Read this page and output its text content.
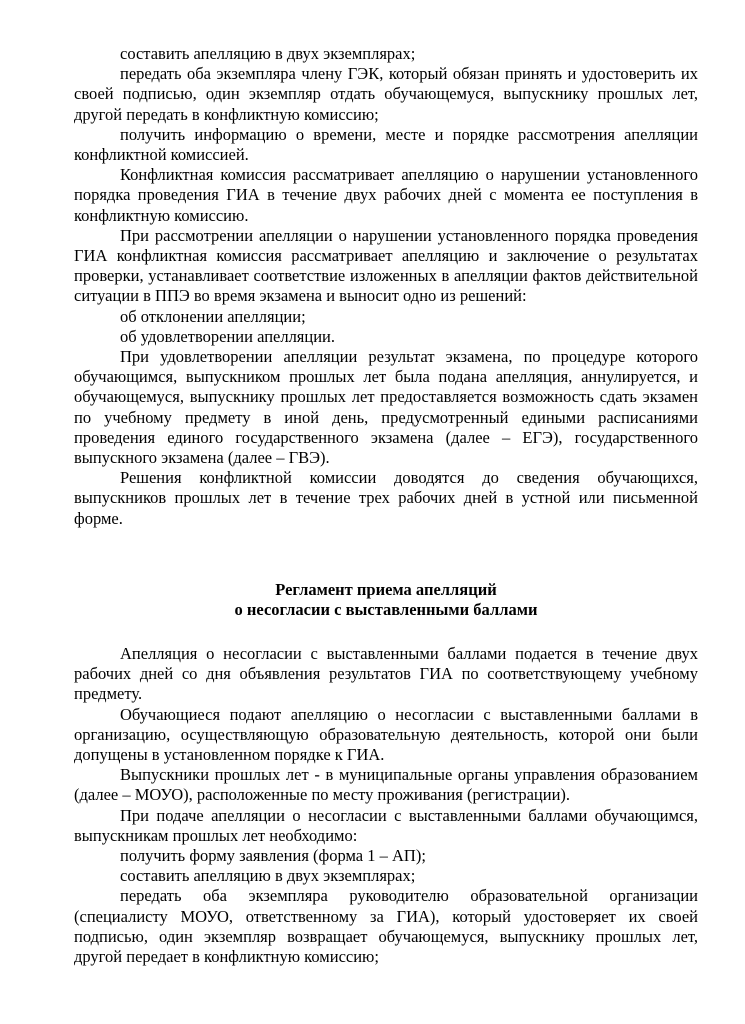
составить апелляцию в двух экземплярах;

передать оба экземпляра члену ГЭК, который обязан принять и удостоверить их своей подписью, один экземпляр отдать обучающемуся, выпускнику прошлых лет, другой передать в конфликтную комиссию;

получить информацию о времени, месте и порядке рассмотрения апелляции конфликтной комиссией.

Конфликтная комиссия рассматривает апелляцию о нарушении установленного порядка проведения ГИА в течение двух рабочих дней с момента ее поступления в конфликтную комиссию.

При рассмотрении апелляции о нарушении установленного порядка проведения ГИА конфликтная комиссия рассматривает апелляцию и заключение о результатах проверки, устанавливает соответствие изложенных в апелляции фактов действительной ситуации в ППЭ во время экзамена и выносит одно из решений:

об отклонении апелляции;

об удовлетворении апелляции.

При удовлетворении апелляции результат экзамена, по процедуре которого обучающимся, выпускником прошлых лет была подана апелляция, аннулируется, и обучающемуся, выпускнику прошлых лет предоставляется возможность сдать экзамен по учебному предмету в иной день, предусмотренный едиными расписаниями проведения единого государственного экзамена (далее – ЕГЭ), государственного выпускного экзамена (далее – ГВЭ).

Решения конфликтной комиссии доводятся до сведения обучающихся, выпускников прошлых лет в течение трех рабочих дней в устной или письменной форме.

Регламент приема апелляций
о несогласии с выставленными баллами

Апелляция о несогласии с выставленными баллами подается в течение двух рабочих дней со дня объявления результатов ГИА по соответствующему учебному предмету.

Обучающиеся подают апелляцию о несогласии с выставленными баллами в организацию, осуществляющую образовательную деятельность, которой они были допущены в установленном порядке к ГИА.

Выпускники прошлых лет - в муниципальные органы управления образованием (далее – МОУО), расположенные по месту проживания (регистрации).

При подаче апелляции о несогласии с выставленными баллами обучающимся, выпускникам прошлых лет необходимо:

получить форму заявления (форма 1 – АП);

составить апелляцию в двух экземплярах;

передать оба экземпляра руководителю образовательной организации (специалисту МОУО, ответственному за ГИА), который удостоверяет их своей подписью, один экземпляр возвращает обучающемуся, выпускнику прошлых лет, другой передает в конфликтную комиссию;
